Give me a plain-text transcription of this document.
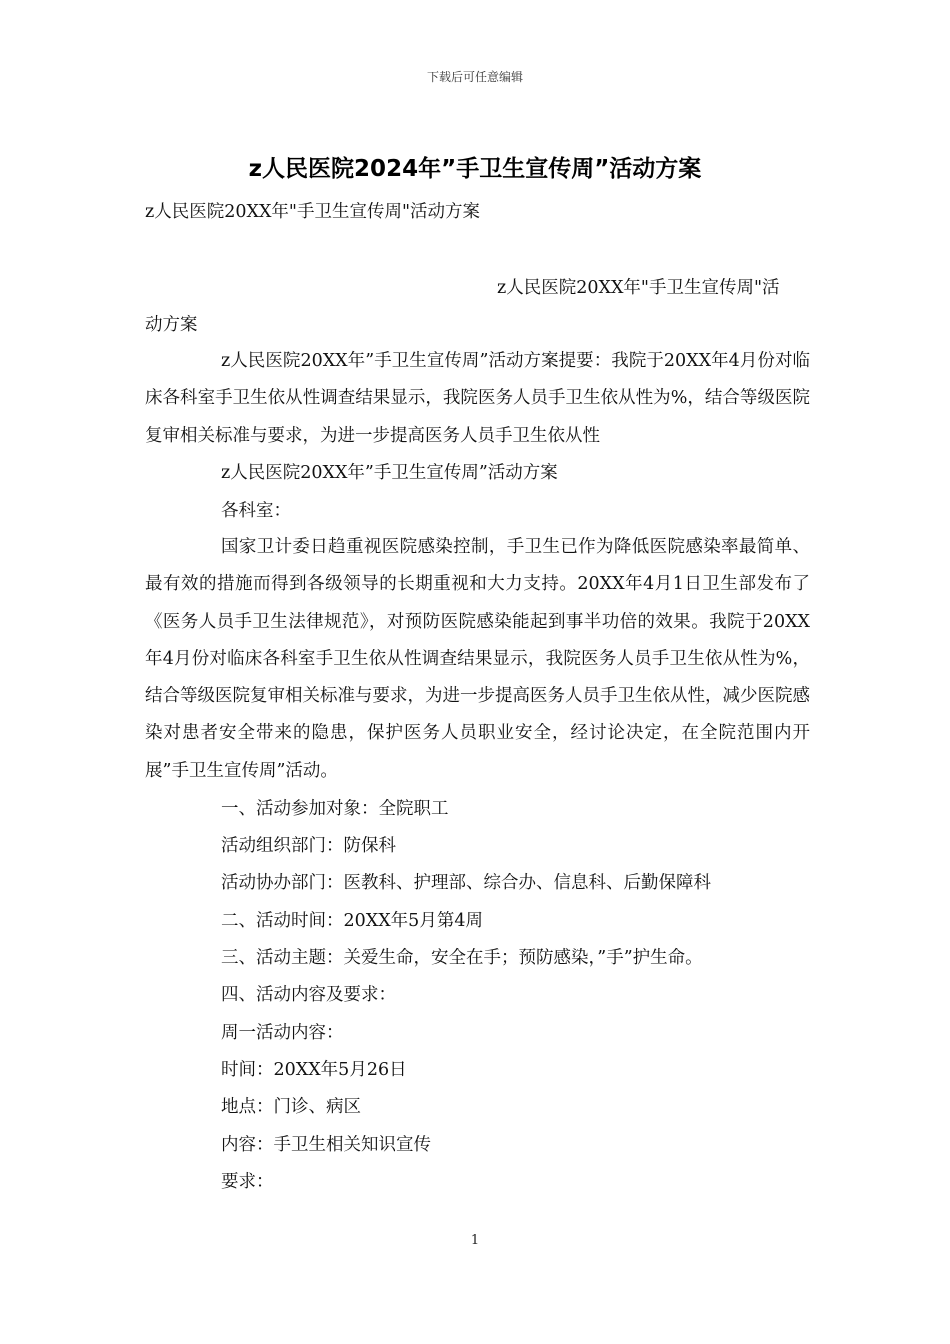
下载后可任意编辑
z人民医院2024年”手卫生宣传周”活动方案
z人民医院20XX年"手卫生宣传周"活动方案
z人民医院20XX年"手卫生宣传周"活
动方案

z人民医院20XX年”手卫生宣传周”活动方案提要：我院于20XX年4月份对临床各科室手卫生依从性调查结果显示，我院医务人员手卫生依从性为%，结合等级医院复审相关标准与要求，为进一步提高医务人员手卫生依从性

z人民医院20XX年”手卫生宣传周”活动方案
各科室：

国家卫计委日趋重视医院感染控制，手卫生已作为降低医院感染率最简单、最有效的措施而得到各级领导的长期重视和大力支持。20XX年4月1日卫生部发布了《医务人员手卫生法律规范》，对预防医院感染能起到事半功倍的效果。我院于20XX年4月份对临床各科室手卫生依从性调查结果显示，我院医务人员手卫生依从性为%，结合等级医院复审相关标准与要求，为进一步提高医务人员手卫生依从性，减少医院感染对患者安全带来的隐患，保护医务人员职业安全，经讨论决定，在全院范围内开展”手卫生宣传周”活动。

一、活动参加对象：全院职工
活动组织部门：防保科
活动协办部门：医教科、护理部、综合办、信息科、后勤保障科
二、活动时间：20XX年5月第4周
三、活动主题：关爱生命，安全在手；预防感染，”手”护生命。
四、活动内容及要求：
周一活动内容：
时间：20XX年5月26日
地点：门诊、病区
内容：手卫生相关知识宣传
要求：
1
